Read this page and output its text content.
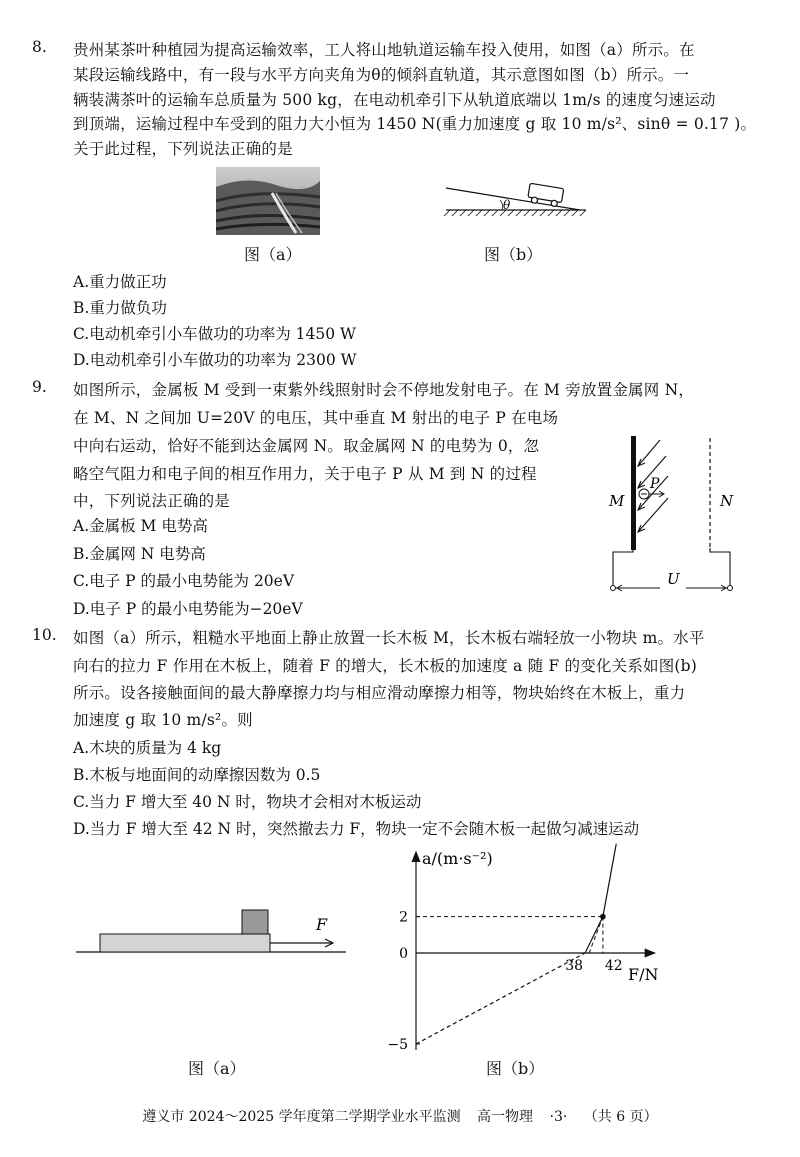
8. 贵州某茶叶种植园为提高运输效率，工人将山地轨道运输车投入使用，如图（a）所示。在
某段运输线路中，有一段与水平方向夹角为θ的倾斜直轨道，其示意图如图（b）所示。一
辆装满茶叶的运输车总质量为 500 kg，在电动机牵引下从轨道底端以 1m/s 的速度匀速运动
到顶端，运输过程中车受到的阻力大小恒为 1450 N(重力加速度 g 取 10 m/s²、sinθ = 0.17 )。
关于此过程，下列说法正确的是
图（a）
θ
图（b）
A.重力做正功
B.重力做负功
C.电动机牵引小车做功的功率为 1450 W
D.电动机牵引小车做功的功率为 2300 W
9. 如图所示，金属板 M 受到一束紫外线照射时会不停地发射电子。在 M 旁放置金属网 N，
在 M、N 之间加 U=20V 的电压，其中垂直 M 射出的电子 P 在电场
中向右运动，恰好不能到达金属网 N。取金属网 N 的电势为 0，忽
略空气阻力和电子间的相互作用力，关于电子 P 从 M 到 N 的过程
中，下列说法正确的是
A.金属板 M 电势高
B.金属网 N 电势高
C.电子 P 的最小电势能为 20eV
D.电子 P 的最小电势能为−20eV
P
M	N
U
10. 如图（a）所示，粗糙水平地面上静止放置一长木板 M，长木板右端轻放一小物块 m。水平
向右的拉力 F 作用在木板上，随着 F 的增大，长木板的加速度 a 随 F 的变化关系如图(b)
所示。设各接触面间的最大静摩擦力均与相应滑动摩擦力相等，物块始终在木板上，重力
加速度 g 取 10 m/s²。则
A.木块的质量为 4 kg
B.木板与地面间的动摩擦因数为 0.5
C.当力 F 增大至 40 N 时，物块才会相对木板运动
D.当力 F 增大至 42 N 时，突然撤去力 F，物块一定不会随木板一起做匀减速运动
F
图（a）
2
0
−5
38 42
a/(m·s⁻²)
F/N
图（b）
遵义市 2024～2025 学年度第二学期学业水平监测 高一物理 ·3· （共 6 页）
